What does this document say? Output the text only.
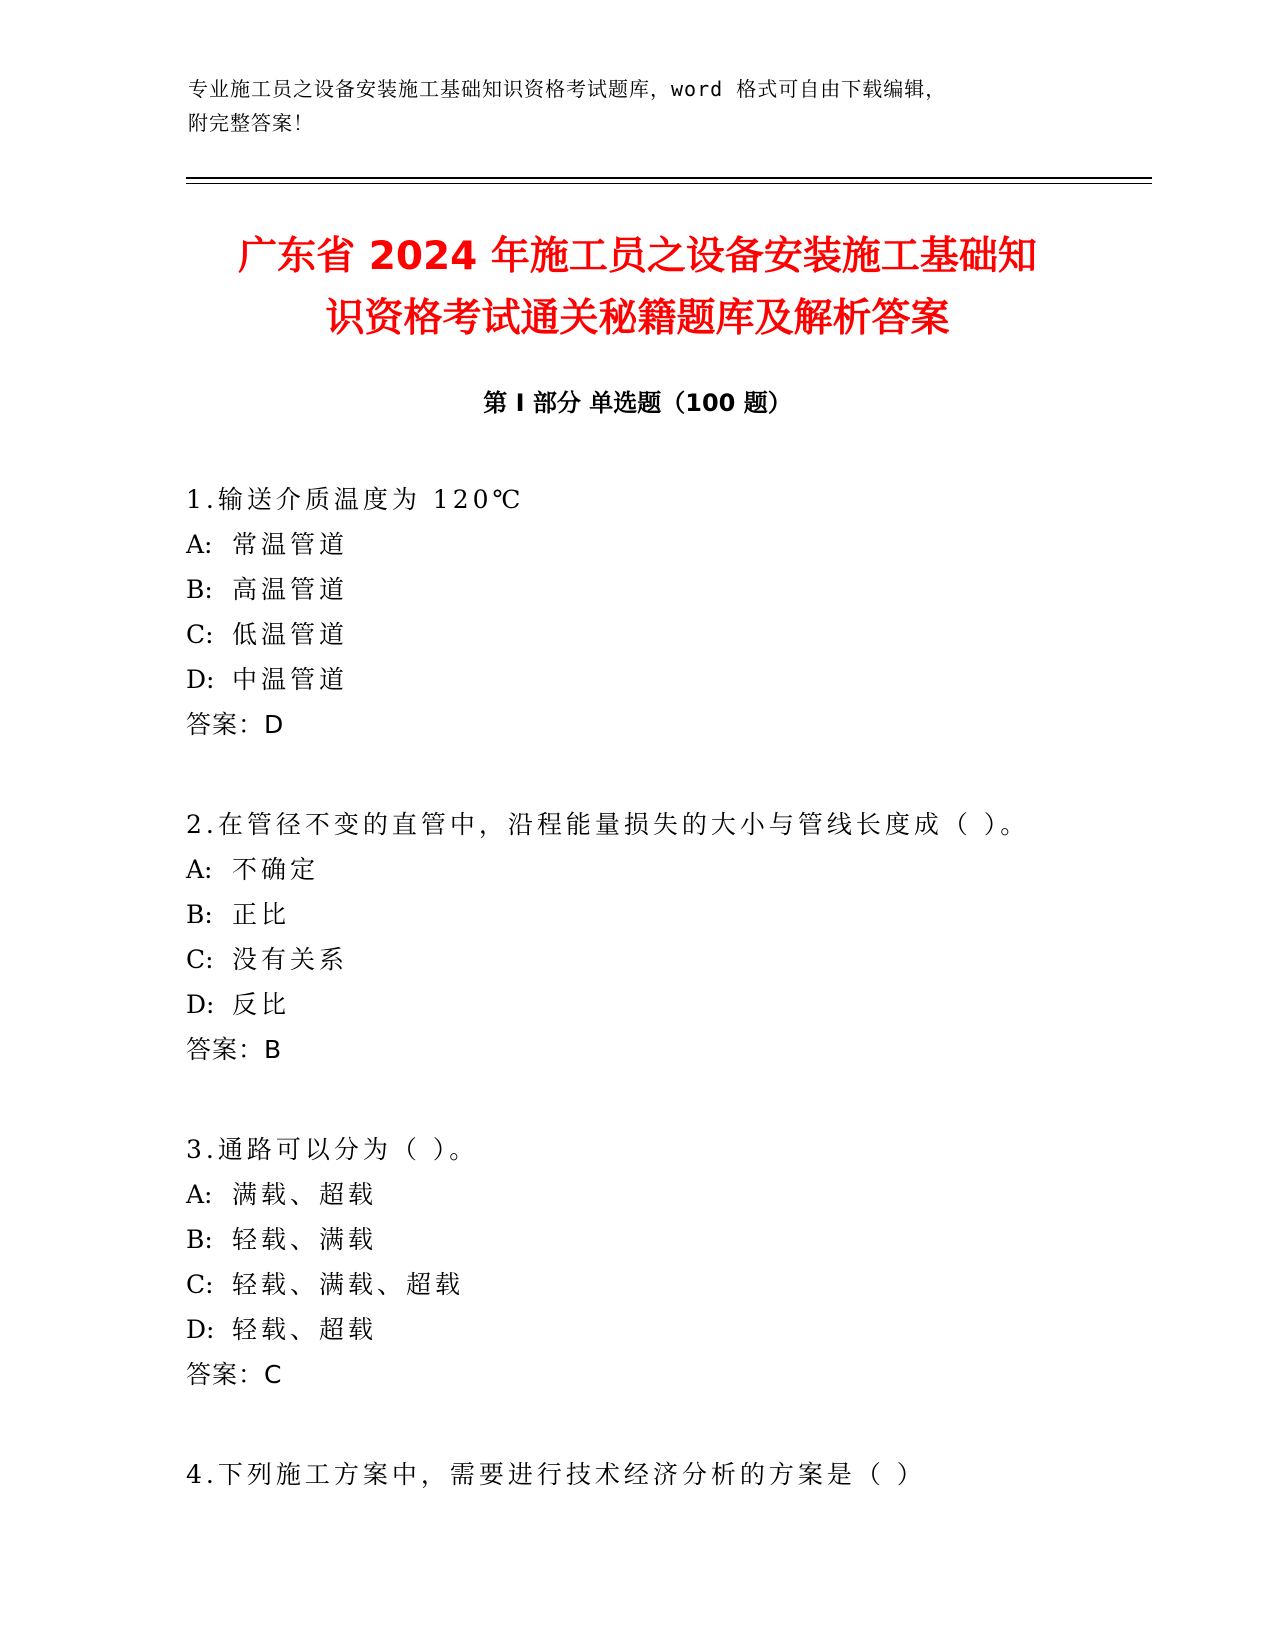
专业施工员之设备安装施工基础知识资格考试题库，word 格式可自由下载编辑，
附完整答案！
广东省 2024 年施工员之设备安装施工基础知
识资格考试通关秘籍题库及解析答案
第 I 部分 单选题（100 题）
1.输送介质温度为 120℃
A: 常温管道
B: 高温管道
C: 低温管道
D: 中温管道
答案：D
2.在管径不变的直管中，沿程能量损失的大小与管线长度成（ ）。
A: 不确定
B: 正比
C: 没有关系
D: 反比
答案：B
3.通路可以分为（ ）。
A: 满载、超载
B: 轻载、满载
C: 轻载、满载、超载
D: 轻载、超载
答案：C
4.下列施工方案中，需要进行技术经济分析的方案是（ ）
